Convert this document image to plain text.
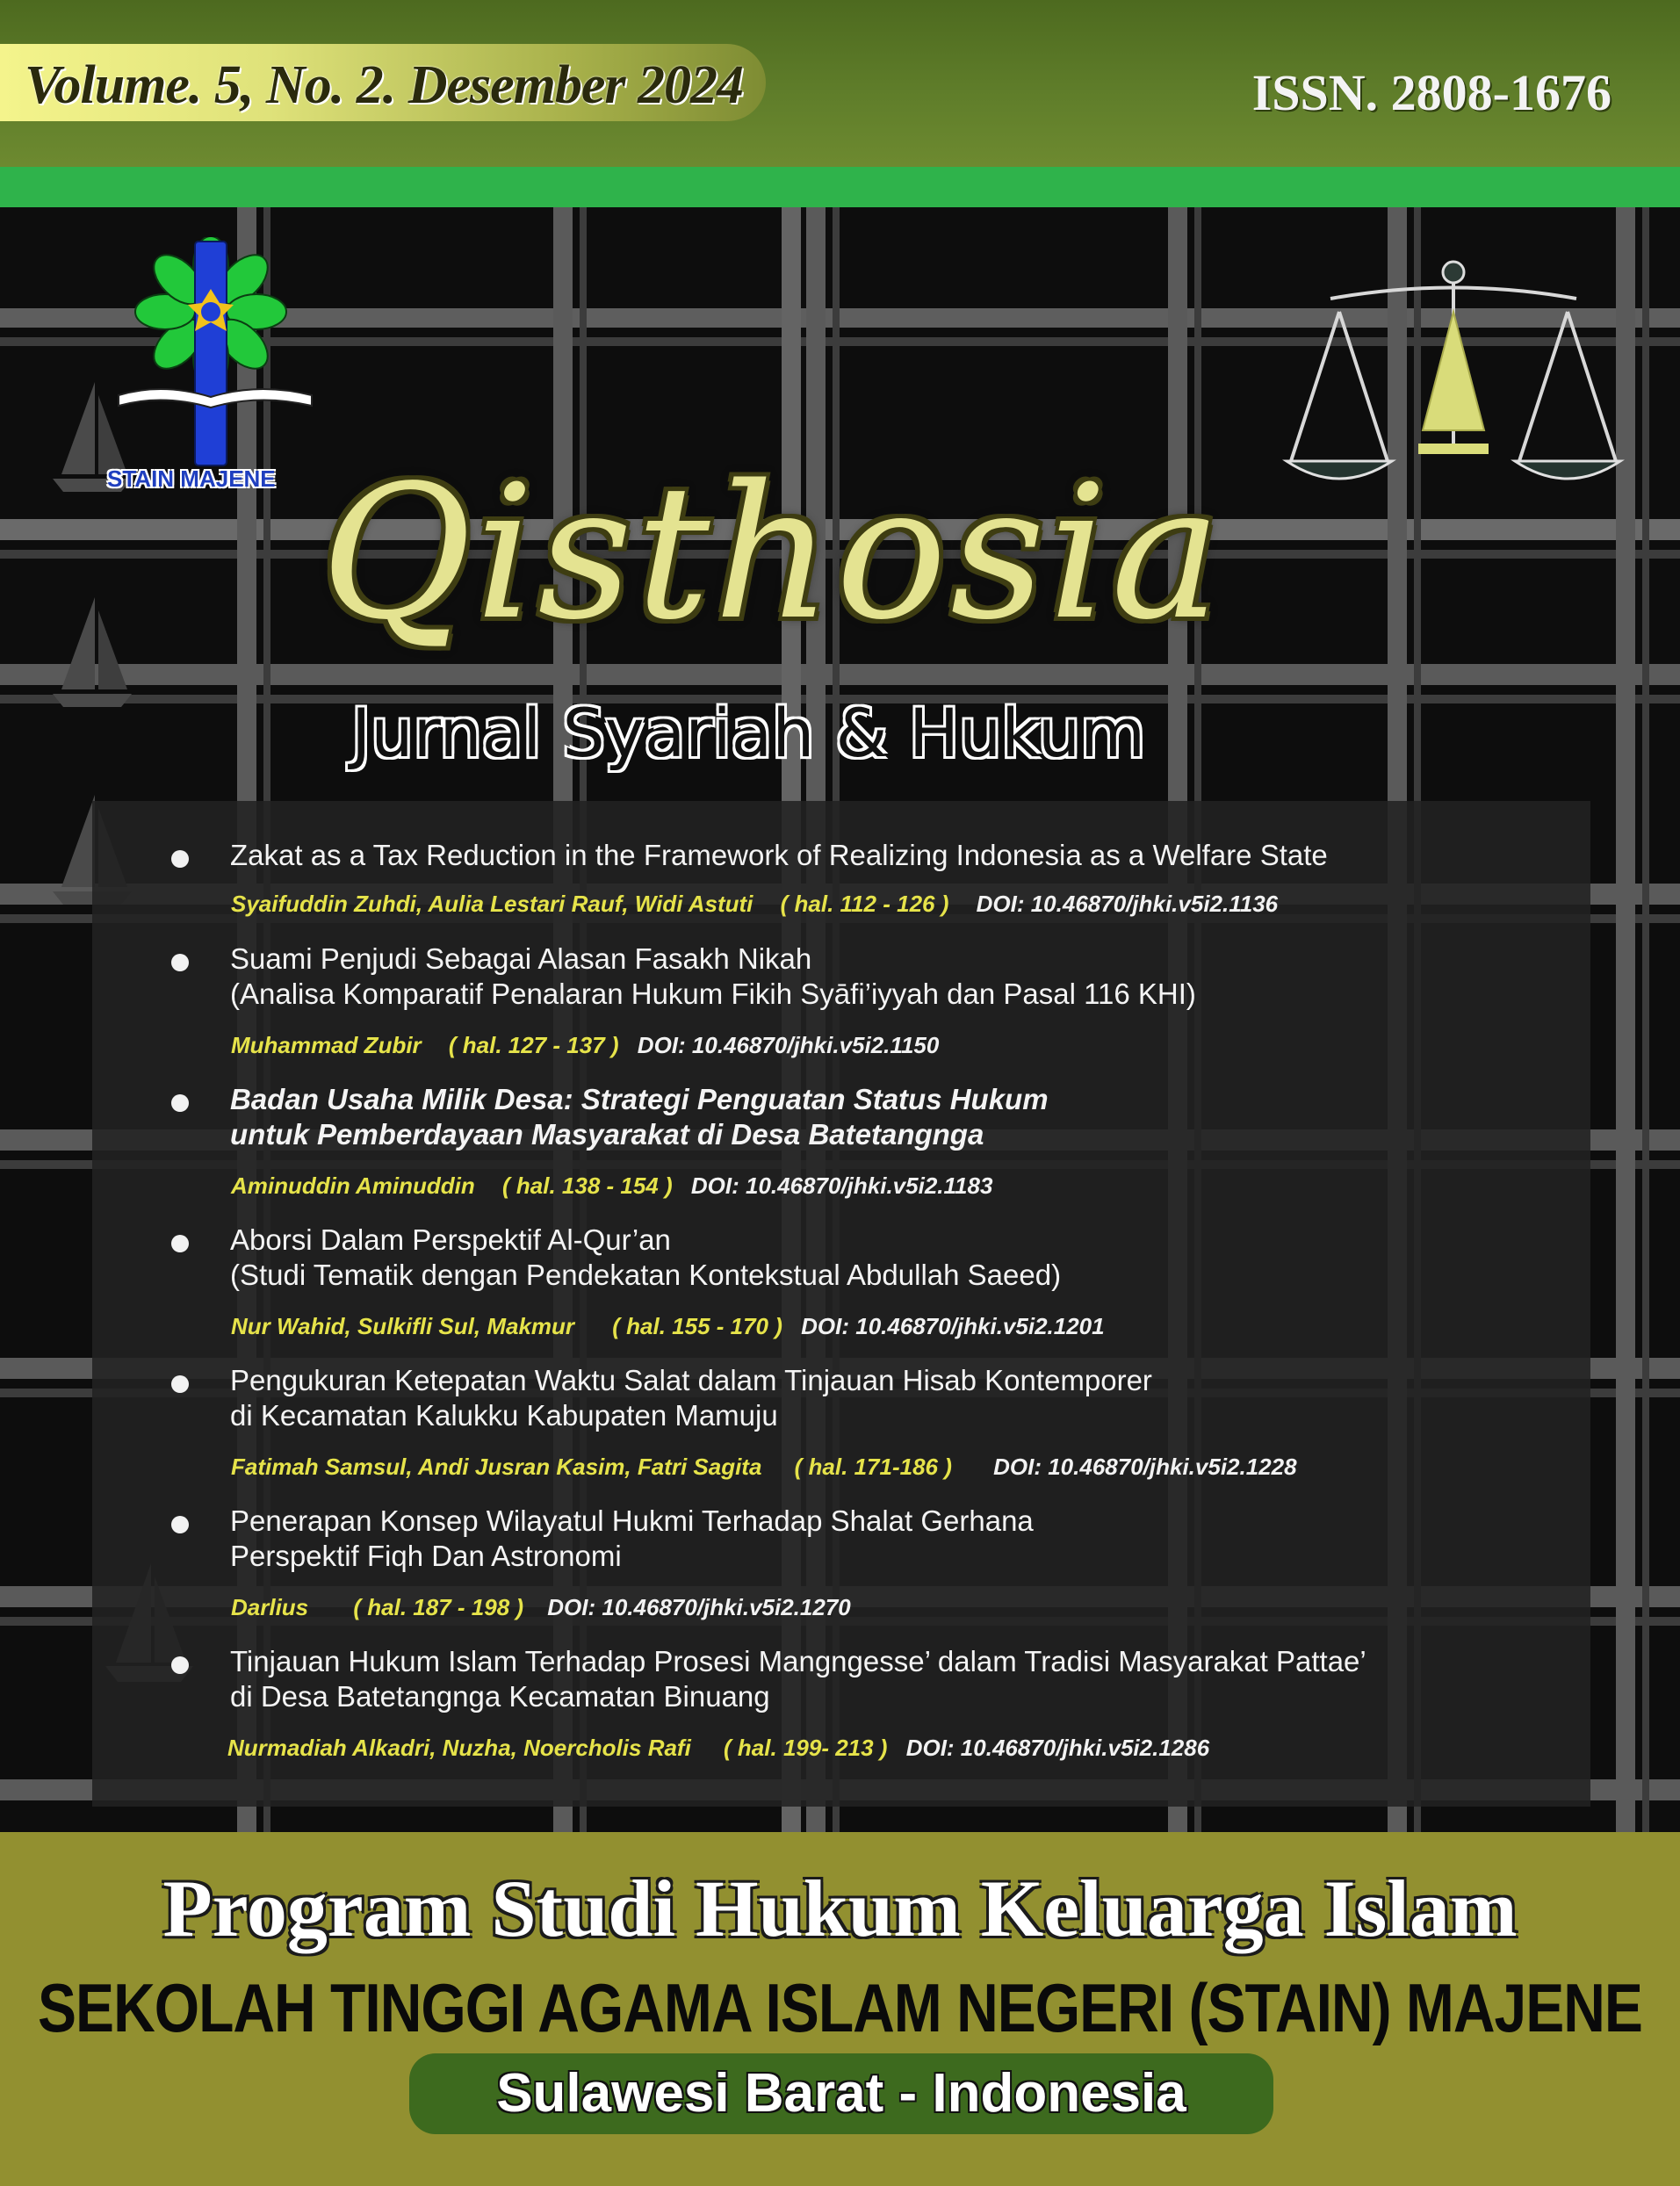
Volume. 5, No. 2. Desember 2024	ISSN. 2808-1676
STAIN MAJENE Qisthosia
Jurnal Syariah & Hukum
Zakat as a Tax Reduction in the Framework of Realizing Indonesia as a Welfare State
Syaifuddin Zuhdi, Aulia Lestari Rauf, Widi Astuti ( hal. 112 - 126 ) DOI: 10.46870/jhki.v5i2.1136
Suami Penjudi Sebagai Alasan Fasakh Nikah
(Analisa Komparatif Penalaran Hukum Fikih Syāfi’iyyah dan Pasal 116 KHI)
Muhammad Zubir ( hal. 127 - 137 ) DOI: 10.46870/jhki.v5i2.1150
Badan Usaha Milik Desa: Strategi Penguatan Status Hukum
untuk Pemberdayaan Masyarakat di Desa Batetangnga
Aminuddin Aminuddin ( hal. 138 - 154 ) DOI: 10.46870/jhki.v5i2.1183
Aborsi Dalam Perspektif Al-Qur’an
(Studi Tematik dengan Pendekatan Kontekstual Abdullah Saeed)
Nur Wahid, Sulkifli Sul, Makmur ( hal. 155 - 170 ) DOI: 10.46870/jhki.v5i2.1201
Pengukuran Ketepatan Waktu Salat dalam Tinjauan Hisab Kontemporer
di Kecamatan Kalukku Kabupaten Mamuju
Fatimah Samsul, Andi Jusran Kasim, Fatri Sagita ( hal. 171-186 ) DOI: 10.46870/jhki.v5i2.1228
Penerapan Konsep Wilayatul Hukmi Terhadap Shalat Gerhana
Perspektif Fiqh Dan Astronomi
Darlius ( hal. 187 - 198 ) DOI: 10.46870/jhki.v5i2.1270
Tinjauan Hukum Islam Terhadap Prosesi Mangngesse’ dalam Tradisi Masyarakat Pattae’
di Desa Batetangnga Kecamatan Binuang
Nurmadiah Alkadri, Nuzha, Noercholis Rafi ( hal. 199- 213 ) DOI: 10.46870/jhki.v5i2.1286
Program Studi Hukum Keluarga Islam
SEKOLAH TINGGI AGAMA ISLAM NEGERI (STAIN) MAJENE
Sulawesi Barat - Indonesia
